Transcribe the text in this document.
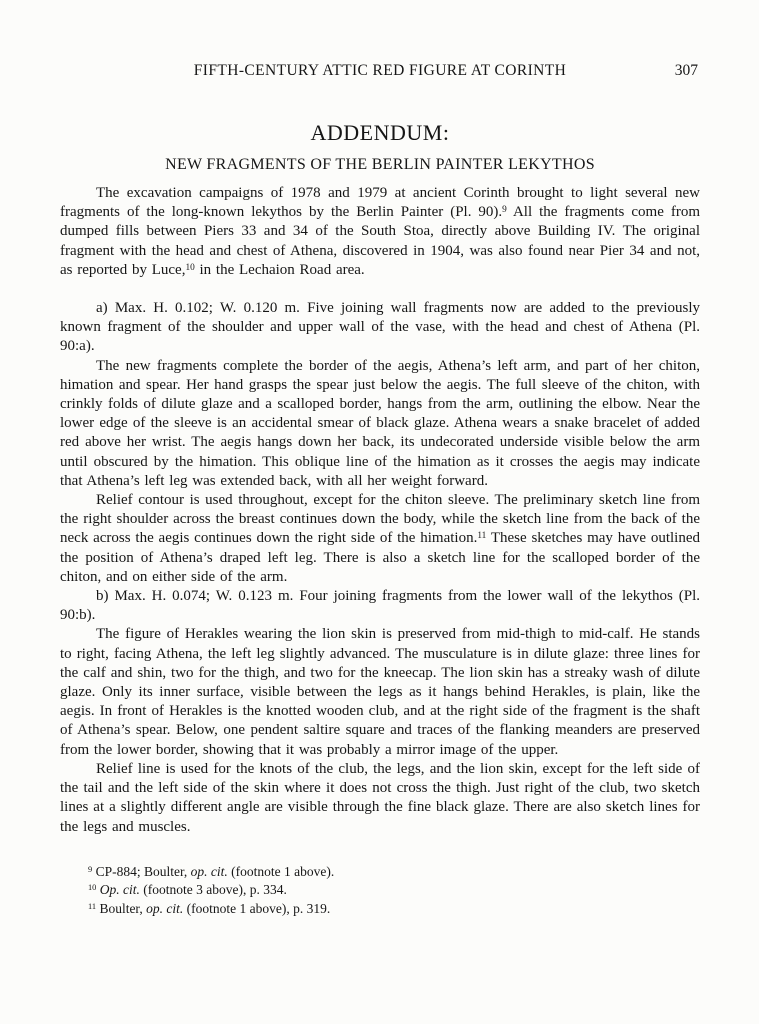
FIFTH-CENTURY ATTIC RED FIGURE AT CORINTH	307
ADDENDUM:
NEW FRAGMENTS OF THE BERLIN PAINTER LEKYTHOS

The excavation campaigns of 1978 and 1979 at ancient Corinth brought to light several new fragments of the long-known lekythos by the Berlin Painter (Pl. 90).$^9$ All the fragments come from dumped fills between Piers 33 and 34 of the South Stoa, directly above Building IV. The original fragment with the head and chest of Athena, discovered in 1904, was also found near Pier 34 and not, as reported by Luce,$^{10}$ in the Lechaion Road area.

a) Max. H. 0.102; W. 0.120 m. Five joining wall fragments now are added to the previously known fragment of the shoulder and upper wall of the vase, with the head and chest of Athena (Pl. 90:a).

The new fragments complete the border of the aegis, Athena’s left arm, and part of her chiton, himation and spear. Her hand grasps the spear just below the aegis. The full sleeve of the chiton, with crinkly folds of dilute glaze and a scalloped border, hangs from the arm, outlining the elbow. Near the lower edge of the sleeve is an accidental smear of black glaze. Athena wears a snake bracelet of added red above her wrist. The aegis hangs down her back, its undecorated underside visible below the arm until obscured by the himation. This oblique line of the himation as it crosses the aegis may indicate that Athena’s left leg was extended back, with all her weight forward.

Relief contour is used throughout, except for the chiton sleeve. The preliminary sketch line from the right shoulder across the breast continues down the body, while the sketch line from the back of the neck across the aegis continues down the right side of the himation.$^{11}$ These sketches may have outlined the position of Athena’s draped left leg. There is also a sketch line for the scalloped border of the chiton, and on either side of the arm.

b) Max. H. 0.074; W. 0.123 m. Four joining fragments from the lower wall of the lekythos (Pl. 90:b).

The figure of Herakles wearing the lion skin is preserved from mid-thigh to mid-calf. He stands to right, facing Athena, the left leg slightly advanced. The musculature is in dilute glaze: three lines for the calf and shin, two for the thigh, and two for the kneecap. The lion skin has a streaky wash of dilute glaze. Only its inner surface, visible between the legs as it hangs behind Herakles, is plain, like the aegis. In front of Herakles is the knotted wooden club, and at the right side of the fragment is the shaft of Athena’s spear. Below, one pendent saltire square and traces of the flanking meanders are preserved from the lower border, showing that it was probably a mirror image of the upper.

Relief line is used for the knots of the club, the legs, and the lion skin, except for the left side of the tail and the left side of the skin where it does not cross the thigh. Just right of the club, two sketch lines at a slightly different angle are visible through the fine black glaze. There are also sketch lines for the legs and muscles.

$^9$ CP-884; Boulter, op. cit. (footnote 1 above).
$^{10}$ Op. cit. (footnote 3 above), p. 334.
$^{11}$ Boulter, op. cit. (footnote 1 above), p. 319.
